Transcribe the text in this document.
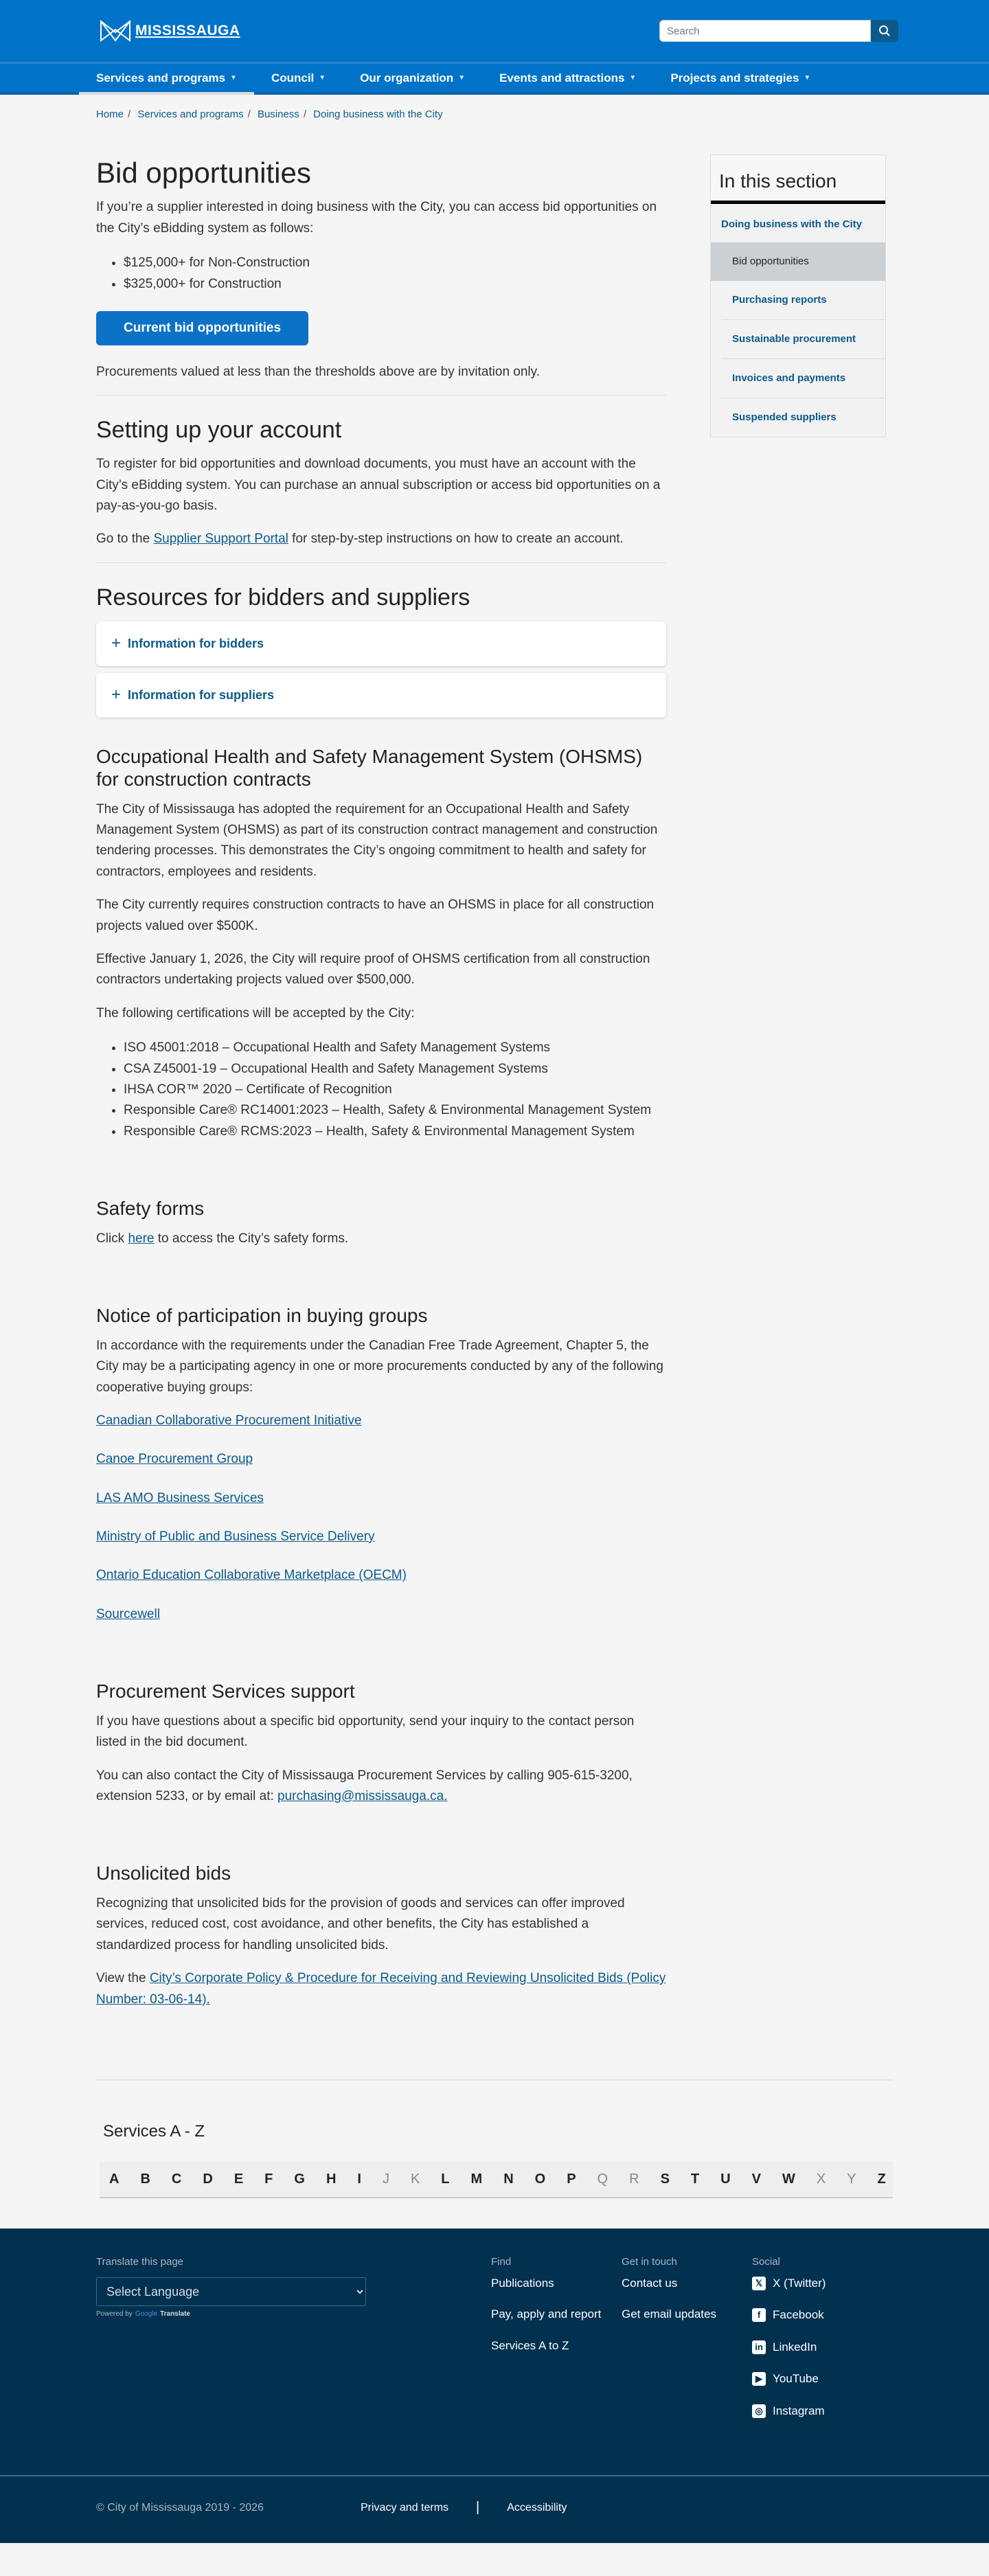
MISSISSAUGA
Search
Services and programs ▼	Council ▼	Our organization ▼	Events and attractions ▼	Projects and strategies ▼
Home / Services and programs / Business / Doing business with the City
Bid opportunities

If you’re a supplier interested in doing business with the City, you can access bid opportunities on the City’s eBidding system as follows:

• $125,000+ for Non-Construction
• $325,000+ for Construction
Current bid opportunities

Procurements valued at less than the thresholds above are by invitation only.

Setting up your account

To register for bid opportunities and download documents, you must have an account with the City’s eBidding system. You can purchase an annual subscription or access bid opportunities on a pay-as-you-go basis.

Go to the Supplier Support Portal for step-by-step instructions on how to create an account.

Resources for bidders and suppliers
+ Information for bidders
+ Information for suppliers
Occupational Health and Safety Management System (OHSMS) for construction contracts

The City of Mississauga has adopted the requirement for an Occupational Health and Safety Management System (OHSMS) as part of its construction contract management and construction tendering processes. This demonstrates the City’s ongoing commitment to health and safety for contractors, employees and residents.

The City currently requires construction contracts to have an OHSMS in place for all construction projects valued over $500K.

Effective January 1, 2026, the City will require proof of OHSMS certification from all construction contractors undertaking projects valued over $500,000.

The following certifications will be accepted by the City:

• ISO 45001:2018 – Occupational Health and Safety Management Systems
• CSA Z45001-19 – Occupational Health and Safety Management Systems
• IHSA COR™ 2020 – Certificate of Recognition
• Responsible Care® RC14001:2023 – Health, Safety & Environmental Management System
• Responsible Care® RCMS:2023 – Health, Safety & Environmental Management System
Safety forms

Click here to access the City’s safety forms.

Notice of participation in buying groups

In accordance with the requirements under the Canadian Free Trade Agreement, Chapter 5, the City may be a participating agency in one or more procurements conducted by any of the following cooperative buying groups:

Canadian Collaborative Procurement Initiative

Canoe Procurement Group

LAS AMO Business Services

Ministry of Public and Business Service Delivery

Ontario Education Collaborative Marketplace (OECM)

Sourcewell

Procurement Services support

If you have questions about a specific bid opportunity, send your inquiry to the contact person listed in the bid document.

You can also contact the City of Mississauga Procurement Services by calling 905-615-3200, extension 5233, or by email at: purchasing@mississauga.ca.

Unsolicited bids

Recognizing that unsolicited bids for the provision of goods and services can offer improved services, reduced cost, cost avoidance, and other benefits, the City has established a standardized process for handling unsolicited bids.

View the City’s Corporate Policy & Procedure for Receiving and Reviewing Unsolicited Bids (Policy Number: 03-06-14).

In this section
Doing business with the City
Bid opportunities
Purchasing reports
Sustainable procurement
Invoices and payments
Suspended suppliers
Services A - Z
A B C D E F G H I J K L M N O P Q R S T U V W X Y Z
Translate this page
Select Language
Powered by Google Translate
Find
Publications
Pay, apply and report
Services A to Z
Get in touch
Contact us
Get email updates
Social
𝕏 X (Twitter)
f	Facebook
in LinkedIn
▶ YouTube
◎ Instagram
© City of Mississauga 2019 - 2026	Privacy and terms |	Accessibility
